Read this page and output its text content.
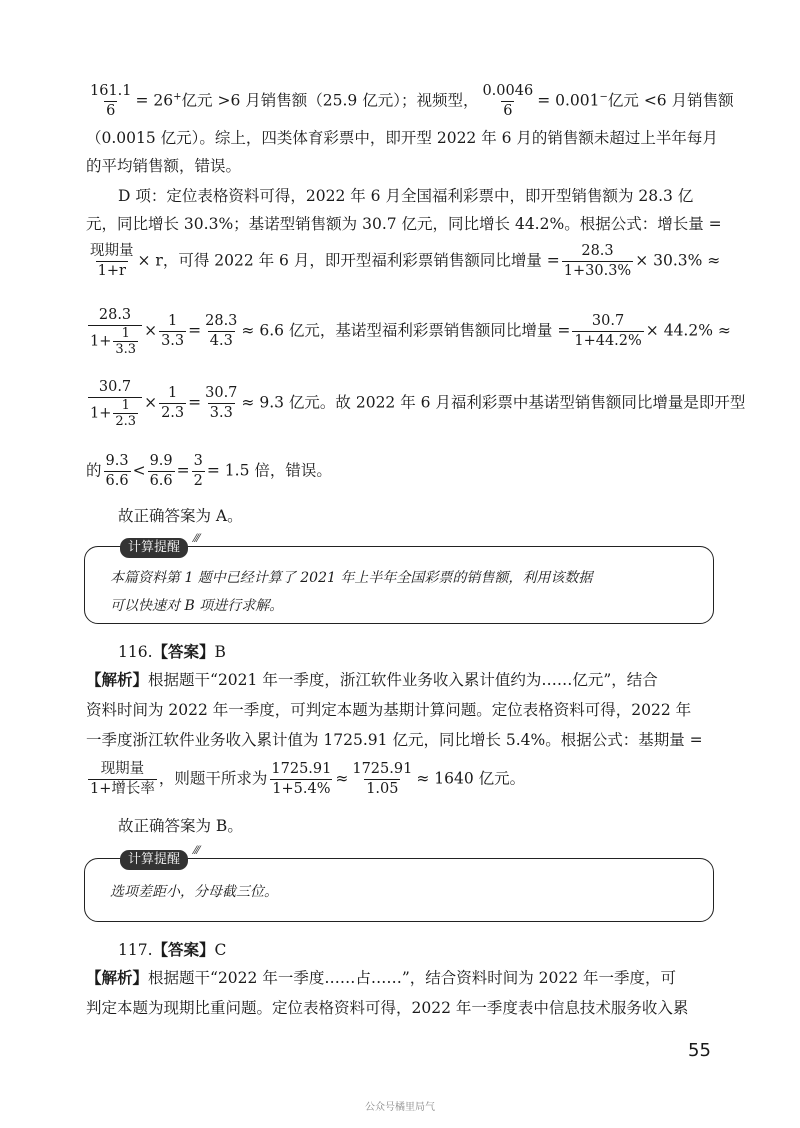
$\frac{161.1}{6} = 26^+$亿元 >6 月销售额（25.9 亿元）；视频型， $\frac{0.0046}{6} = 0.001^-$亿元 <6 月销售额
（0.0015 亿元）。综上，四类体育彩票中，即开型 2022 年 6 月的销售额未超过上半年每月
的平均销售额，错误。
D 项：定位表格资料可得，2022 年 6 月全国福利彩票中，即开型销售额为 28.3 亿
元，同比增长 30.3%；基诺型销售额为 30.7 亿元，同比增长 44.2%。根据公式：增长量 =
$\frac{\text{现期量}}{1+r} \times r$，可得 2022 年 6 月，即开型福利彩票销售额同比增量 = $\frac{28.3}{1+30.3\%} \times 30.3\%$ ≈
$\frac{28.3}{1+ \frac{1}{3.3}} \times \frac{1}{3.3} = \frac{28.3}{4.3} \approx 6.6$ 亿元，基诺型福利彩票销售额同比增量 = $\frac{30.7}{1+44.2\%} \times 44.2\%$ ≈
$\frac{30.7}{1+ \frac{1}{2.3}} \times \frac{1}{2.3} = \frac{30.7}{3.3} \approx 9.3$ 亿元。故 2022 年 6 月福利彩票中基诺型销售额同比增量是即开型
的 $\frac{9.3}{6.6} < \frac{9.9}{6.6} = \frac{3}{2} = 1.5$ 倍，错误。
故正确答案为 A。
计算提醒
⁄⁄⁄
本篇资料第 1 题中已经计算了 2021 年上半年全国彩票的销售额，利用该数据
可以快速对 B 项进行求解。
116.【答案】B
【解析】根据题干“2021 年一季度，浙江软件业务收入累计值约为……亿元”，结合
资料时间为 2022 年一季度，可判定本题为基期计算问题。定位表格资料可得，2022 年
一季度浙江软件业务收入累计值为 1725.91 亿元，同比增长 5.4%。根据公式：基期量 =
$\frac{\text{现期量}}{\text{1+增长率}}$ ，则题干所求为 $\frac{1725.91}{1+5.4\%} \approx \frac{1725.91}{1.05} \approx 1640$ 亿元。
故正确答案为 B。
计算提醒
⁄⁄⁄
选项差距小，分母截三位。
117.【答案】C
【解析】根据题干“2022 年一季度……占……”，结合资料时间为 2022 年一季度，可
判定本题为现期比重问题。定位表格资料可得，2022 年一季度表中信息技术服务收入累
55
公众号橘里局气
